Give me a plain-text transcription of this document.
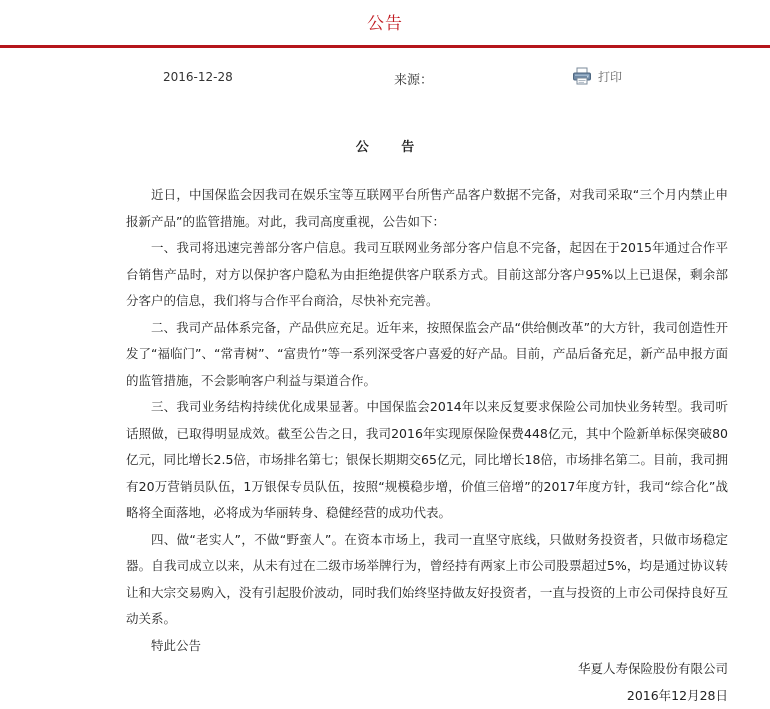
公告
2016-12-28	来源：	打印
公 告

近日，中国保监会因我司在娱乐宝等互联网平台所售产品客户数据不完备，对我司采取“三个月内禁止申报新产品”的监管措施。对此，我司高度重视，公告如下：

一、我司将迅速完善部分客户信息。我司互联网业务部分客户信息不完备，起因在于2015年通过合作平台销售产品时，对方以保护客户隐私为由拒绝提供客户联系方式。目前这部分客户95%以上已退保，剩余部分客户的信息，我们将与合作平台商洽，尽快补充完善。

二、我司产品体系完备，产品供应充足。近年来，按照保监会产品“供给侧改革”的大方针，我司创造性开发了“福临门”、“常青树”、“富贵竹”等一系列深受客户喜爱的好产品。目前，产品后备充足，新产品申报方面的监管措施，不会影响客户利益与渠道合作。

三、我司业务结构持续优化成果显著。中国保监会2014年以来反复要求保险公司加快业务转型。我司听话照做，已取得明显成效。截至公告之日，我司2016年实现原保险保费448亿元，其中个险新单标保突破80亿元，同比增长2.5倍，市场排名第七；银保长期期交65亿元，同比增长18倍，市场排名第二。目前，我司拥有20万营销员队伍，1万银保专员队伍，按照“规模稳步增，价值三倍增”的2017年度方针，我司“综合化”战略将全面落地，必将成为华丽转身、稳健经营的成功代表。

四、做“老实人”，不做“野蛮人”。在资本市场上，我司一直坚守底线，只做财务投资者，只做市场稳定器。自我司成立以来，从未有过在二级市场举牌行为，曾经持有两家上市公司股票超过5%，均是通过协议转让和大宗交易购入，没有引起股价波动，同时我们始终坚持做友好投资者，一直与投资的上市公司保持良好互动关系。

特此公告

华夏人寿保险股份有限公司
2016年12月28日
